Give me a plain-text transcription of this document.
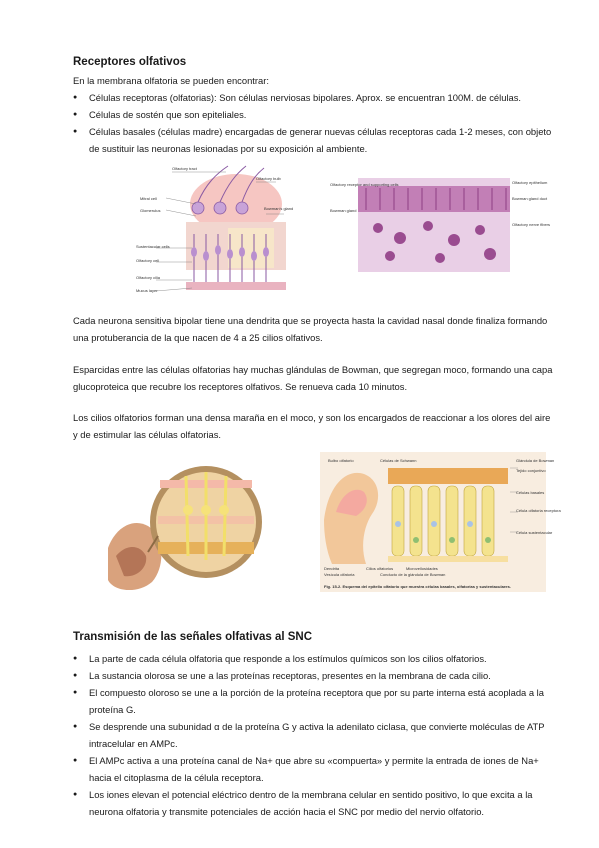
Receptores olfativos

En la membrana olfatoria se pueden encontrar:

● Células receptoras (olfatorias): Son células nerviosas bipolares. Aprox. se encuentran 100M. de células.
● Células de sostén que son epiteliales.
● Células basales (células madre) encargadas de generar nuevas células receptoras cada 1-2 meses, con objeto de sustituir las neuronas lesionadas por su exposición al ambiente.
Olfactory tract
Olfactory bulb
Mitral cell
Glomerulus	Bowman's gland
Sustentacular cells
Olfactory cell
Olfactory cilia
Mucus layer
Olfactory receptor and supporting cells
Bowman gland
Olfactory epithelium
Bowman gland duct
Olfactory nerve fibers

Cada neurona sensitiva bipolar tiene una dendrita que se proyecta hasta la cavidad nasal donde finaliza formando una protuberancia de la que nacen de 4 a 25 cilios olfativos.

Esparcidas entre las células olfatorias hay muchas glándulas de Bowman, que segregan moco, formando una capa glucoproteica que recubre los receptores olfativos. Se renueva cada 10 minutos.

Los cilios olfatorios forman una densa maraña en el moco, y son los encargados de reaccionar a los olores del aire y de estimular las células olfatorias.

Bulbo olfatorio	Células de Schwann	Glándula de Bowman
Tejido conjuntivo
Células basales
Célula olfatoria receptora
Célula sustentacular
Dendrita
Vesícula olfatoria
Cilios olfatorios	Microvellosidades
Conducto de la glándula de Bowman
Fig. 15-2. Esquema del epitelio olfatorio que muestra células basales, olfatorias y sustentaculares.
Transmisión de las señales olfativas al SNC
● La parte de cada célula olfatoria que responde a los estímulos químicos son los cilios olfatorios.
● La sustancia olorosa se une a las proteínas receptoras, presentes en la membrana de cada cilio.
● El compuesto oloroso se une a la porción de la proteína receptora que por su parte interna está acoplada a la proteína G.
● Se desprende una subunidad α de la proteína G y activa la adenilato ciclasa, que convierte moléculas de ATP intracelular en AMPc.
● El AMPc activa a una proteína canal de Na+ que abre su «compuerta» y permite la entrada de iones de Na+ hacia el citoplasma de la célula receptora.
● Los iones elevan el potencial eléctrico dentro de la membrana celular en sentido positivo, lo que excita a la neurona olfatoria y transmite potenciales de acción hacia el SNC por medio del nervio olfatorio.
